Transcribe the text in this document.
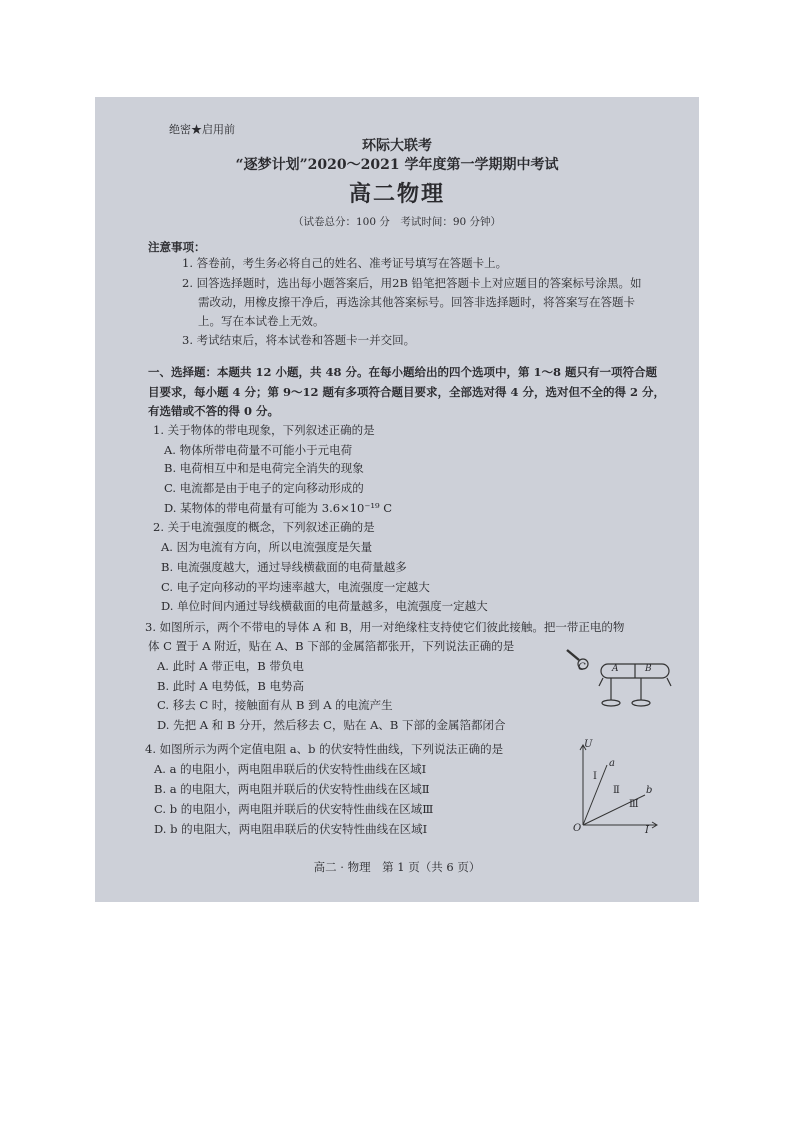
绝密★启用前
环际大联考
“逐梦计划”2020～2021 学年度第一学期期中考试
高二物理
（试卷总分：100 分　考试时间：90 分钟）
注意事项：
1. 答卷前，考生务必将自己的姓名、准考证号填写在答题卡上。
2. 回答选择题时，选出每小题答案后，用2B 铅笔把答题卡上对应题目的答案标号涂黑。如
需改动，用橡皮擦干净后，再选涂其他答案标号。回答非选择题时，将答案写在答题卡
上。写在本试卷上无效。
3. 考试结束后，将本试卷和答题卡一并交回。
一、选择题：本题共 12 小题，共 48 分。在每小题给出的四个选项中，第 1～8 题只有一项符合题
目要求，每小题 4 分；第 9～12 题有多项符合题目要求，全部选对得 4 分，选对但不全的得 2 分，
有选错或不答的得 0 分。
1. 关于物体的带电现象，下列叙述正确的是
A. 物体所带电荷量不可能小于元电荷
B. 电荷相互中和是电荷完全消失的现象
C. 电流都是由于电子的定向移动形成的
D. 某物体的带电荷量有可能为 3.6×10⁻¹⁹ C
2. 关于电流强度的概念，下列叙述正确的是
A. 因为电流有方向，所以电流强度是矢量
B. 电流强度越大，通过导线横截面的电荷量越多
C. 电子定向移动的平均速率越大，电流强度一定越大
D. 单位时间内通过导线横截面的电荷量越多，电流强度一定越大
3. 如图所示，两个不带电的导体 A 和 B，用一对绝缘柱支持使它们彼此接触。把一带正电的物
体 C 置于 A 附近，贴在 A、B 下部的金属箔都张开，下列说法正确的是
A. 此时 A 带正电，B 带负电
B. 此时 A 电势低，B 电势高
C. 移去 C 时，接触面有从 B 到 A 的电流产生
D. 先把 A 和 B 分开，然后移去 C，贴在 A、B 下部的金属箔都闭合
C	A	B
4. 如图所示为两个定值电阻 a、b 的伏安特性曲线，下列说法正确的是
A. a 的电阻小，两电阻串联后的伏安特性曲线在区域Ⅰ
B. a 的电阻大，两电阻并联后的伏安特性曲线在区域Ⅱ
C. b 的电阻小，两电阻并联后的伏安特性曲线在区域Ⅲ
D. b 的电阻大，两电阻串联后的伏安特性曲线在区域Ⅰ
U
I
O
a
b
Ⅰ
Ⅱ
Ⅲ
高二 · 物理　第 1 页（共 6 页）
